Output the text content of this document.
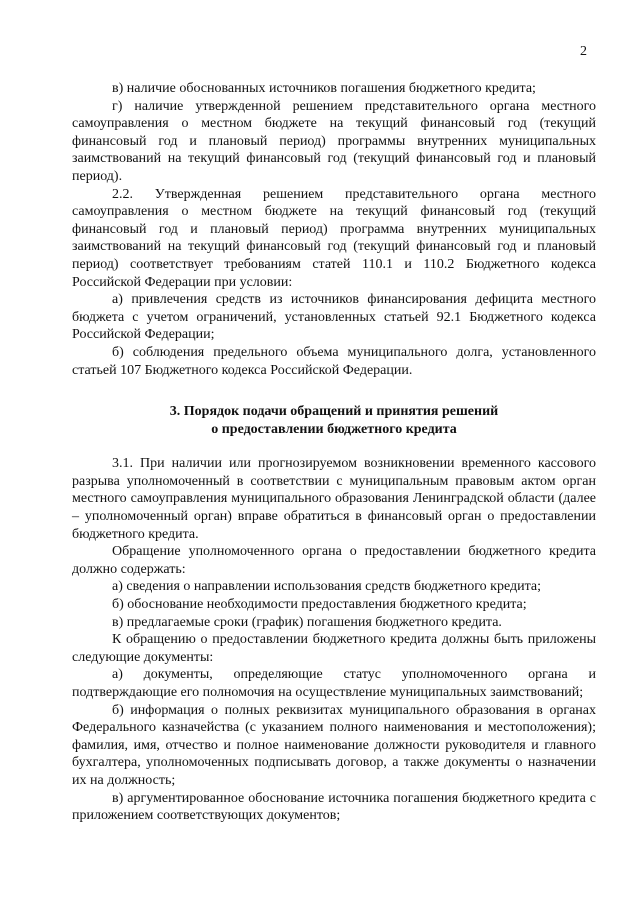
2

в) наличие обоснованных источников погашения бюджетного кредита;

г) наличие утвержденной решением представительного органа местного самоуправления о местном бюджете на текущий финансовый год (текущий финансовый год и плановый период) программы внутренних муниципальных заимствований на текущий финансовый год (текущий финансовый год и плановый период).

2.2. Утвержденная решением представительного органа местного самоуправления о местном бюджете на текущий финансовый год (текущий финансовый год и плановый период) программа внутренних муниципальных заимствований на текущий финансовый год (текущий финансовый год и плановый период) соответствует требованиям статей 110.1 и 110.2 Бюджетного кодекса Российской Федерации при условии:

а) привлечения средств из источников финансирования дефицита местного бюджета с учетом ограничений, установленных статьей 92.1 Бюджетного кодекса Российской Федерации;

б) соблюдения предельного объема муниципального долга, установленного статьей 107 Бюджетного кодекса Российской Федерации.

3. Порядок подачи обращений и принятия решений
о предоставлении бюджетного кредита

3.1. При наличии или прогнозируемом возникновении временного кассового разрыва уполномоченный в соответствии с муниципальным правовым актом орган местного самоуправления муниципального образования Ленинградской области (далее – уполномоченный орган) вправе обратиться в финансовый орган о предоставлении бюджетного кредита.

Обращение уполномоченного органа о предоставлении бюджетного кредита должно содержать:

а) сведения о направлении использования средств бюджетного кредита;

б) обоснование необходимости предоставления бюджетного кредита;

в) предлагаемые сроки (график) погашения бюджетного кредита.

К обращению о предоставлении бюджетного кредита должны быть приложены следующие документы:

а) документы, определяющие статус уполномоченного органа и подтверждающие его полномочия на осуществление муниципальных заимствований;

б) информация о полных реквизитах муниципального образования в органах Федерального казначейства (с указанием полного наименования и местоположения); фамилия, имя, отчество и полное наименование должности руководителя и главного бухгалтера, уполномоченных подписывать договор, а также документы о назначении их на должность;

в) аргументированное обоснование источника погашения бюджетного кредита с приложением соответствующих документов;
